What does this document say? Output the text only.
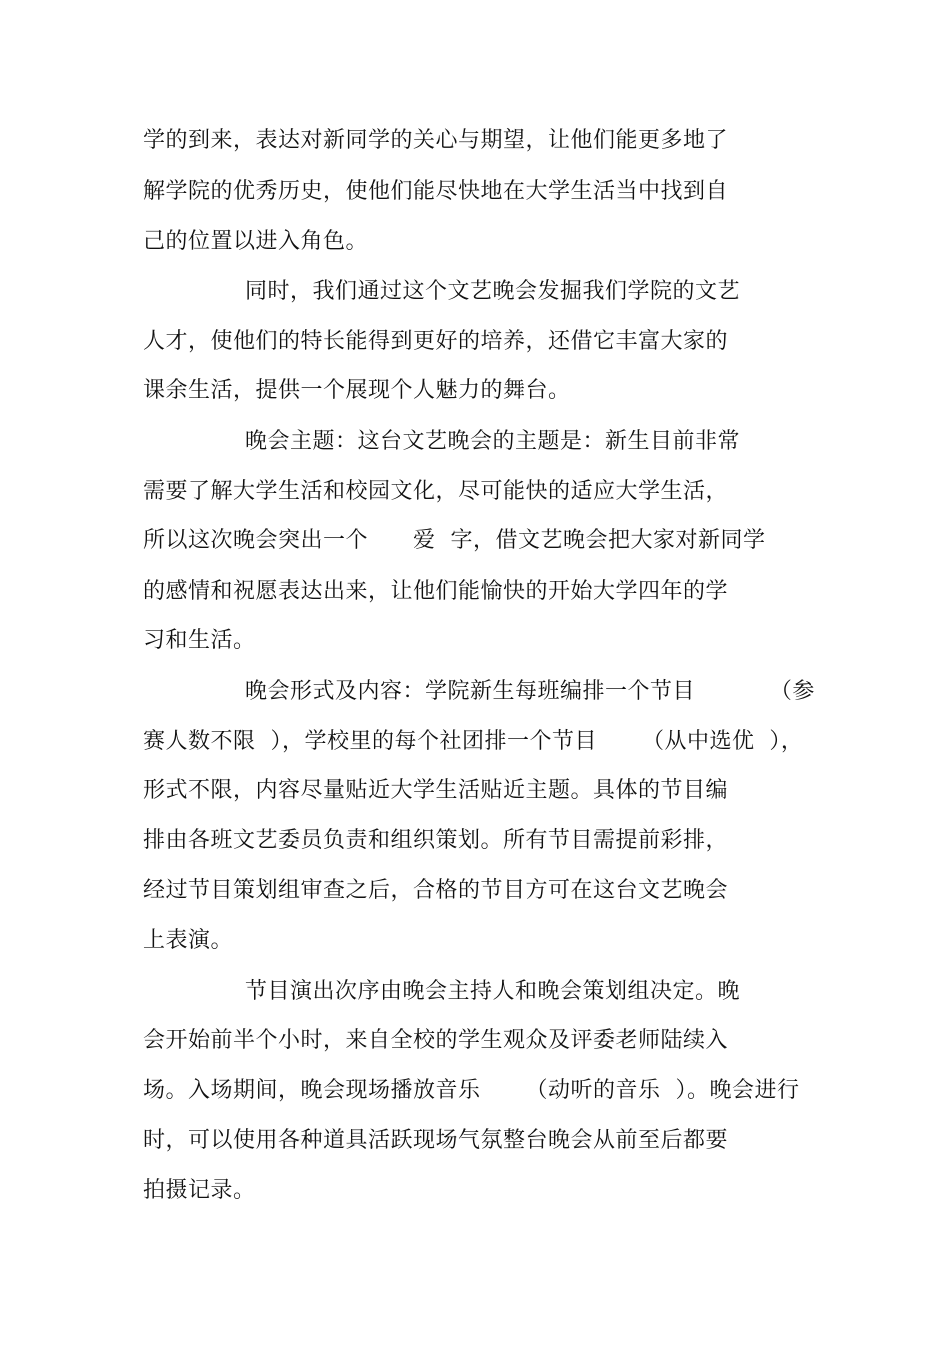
学的到来，表达对新同学的关心与期望，让他们能更多地了
解学院的优秀历史，使他们能尽快地在大学生活当中找到自
己的位置以进入角色。
同时，我们通过这个文艺晚会发掘我们学院的文艺
人才，使他们的特长能得到更好的培养，还借它丰富大家的
课余生活，提供一个展现个人魅力的舞台。
晚会主题：这台文艺晚会的主题是：新生目前非常
需要了解大学生活和校园文化，尽可能快的适应大学生活，
所以这次晚会突出一个      爱  字，借文艺晚会把大家对新同学
的感情和祝愿表达出来，让他们能愉快的开始大学四年的学
习和生活。
晚会形式及内容：学院新生每班编排一个节目          （参
赛人数不限  ），学校里的每个社团排一个节目      （从中选优  ），
形式不限，内容尽量贴近大学生活贴近主题。具体的节目编
排由各班文艺委员负责和组织策划。所有节目需提前彩排，
经过节目策划组审查之后，合格的节目方可在这台文艺晚会
上表演。
节目演出次序由晚会主持人和晚会策划组决定。晚
会开始前半个小时，来自全校的学生观众及评委老师陆续入
场。入场期间，晚会现场播放音乐      （动听的音乐  ）。晚会进行
时，可以使用各种道具活跃现场气氛整台晚会从前至后都要
拍摄记录。
